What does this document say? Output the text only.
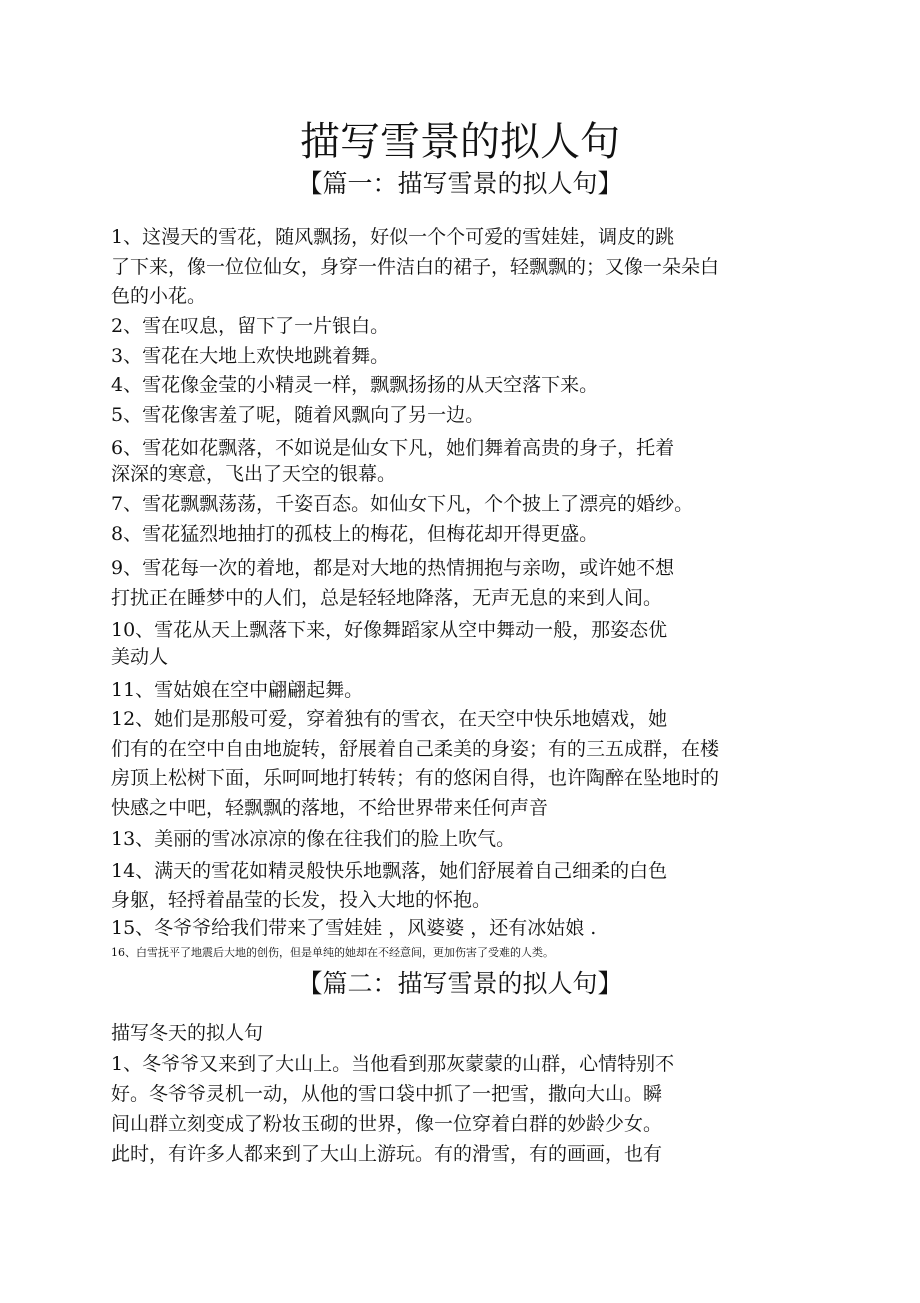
描写雪景的拟人句
【篇一：描写雪景的拟人句】
1、这漫天的雪花，随风飘扬，好似一个个可爱的雪娃娃，调皮的跳
了下来，像一位位仙女，身穿一件洁白的裙子，轻飘飘的；又像一朵朵白
色的小花。
2、雪在叹息，留下了一片银白。
3、雪花在大地上欢快地跳着舞。
4、雪花像金莹的小精灵一样，飘飘扬扬的从天空落下来。
5、雪花像害羞了呢，随着风飘向了另一边。
6、雪花如花飘落，不如说是仙女下凡，她们舞着高贵的身子，托着
深深的寒意，飞出了天空的银幕。
7、雪花飘飘荡荡，千姿百态。如仙女下凡，个个披上了漂亮的婚纱。
8、雪花猛烈地抽打的孤枝上的梅花，但梅花却开得更盛。
9、雪花每一次的着地，都是对大地的热情拥抱与亲吻，或许她不想
打扰正在睡梦中的人们，总是轻轻地降落，无声无息的来到人间。
10、雪花从天上飘落下来，好像舞蹈家从空中舞动一般，那姿态优
美动人
11、雪姑娘在空中翩翩起舞。
12、她们是那般可爱，穿着独有的雪衣，在天空中快乐地嬉戏，她
们有的在空中自由地旋转，舒展着自己柔美的身姿；有的三五成群，在楼
房顶上松树下面，乐呵呵地打转转；有的悠闲自得，也许陶醉在坠地时的
快感之中吧，轻飘飘的落地，不给世界带来任何声音
13、美丽的雪冰凉凉的像在往我们的脸上吹气。
14、满天的雪花如精灵般快乐地飘落，她们舒展着自己细柔的白色
身躯，轻捋着晶莹的长发，投入大地的怀抱。
15、冬爷爷给我们带来了雪娃娃 ，风婆婆 ，还有冰姑娘 .
16、白雪抚平了地震后大地的创伤，但是单纯的她却在不经意间，更加伤害了受难的人类。
【篇二：描写雪景的拟人句】
描写冬天的拟人句
1、冬爷爷又来到了大山上。当他看到那灰蒙蒙的山群，心情特别不
好。冬爷爷灵机一动，从他的雪口袋中抓了一把雪，撒向大山。瞬
间山群立刻变成了粉妆玉砌的世界，像一位穿着白群的妙龄少女。
此时，有许多人都来到了大山上游玩。有的滑雪，有的画画，也有
